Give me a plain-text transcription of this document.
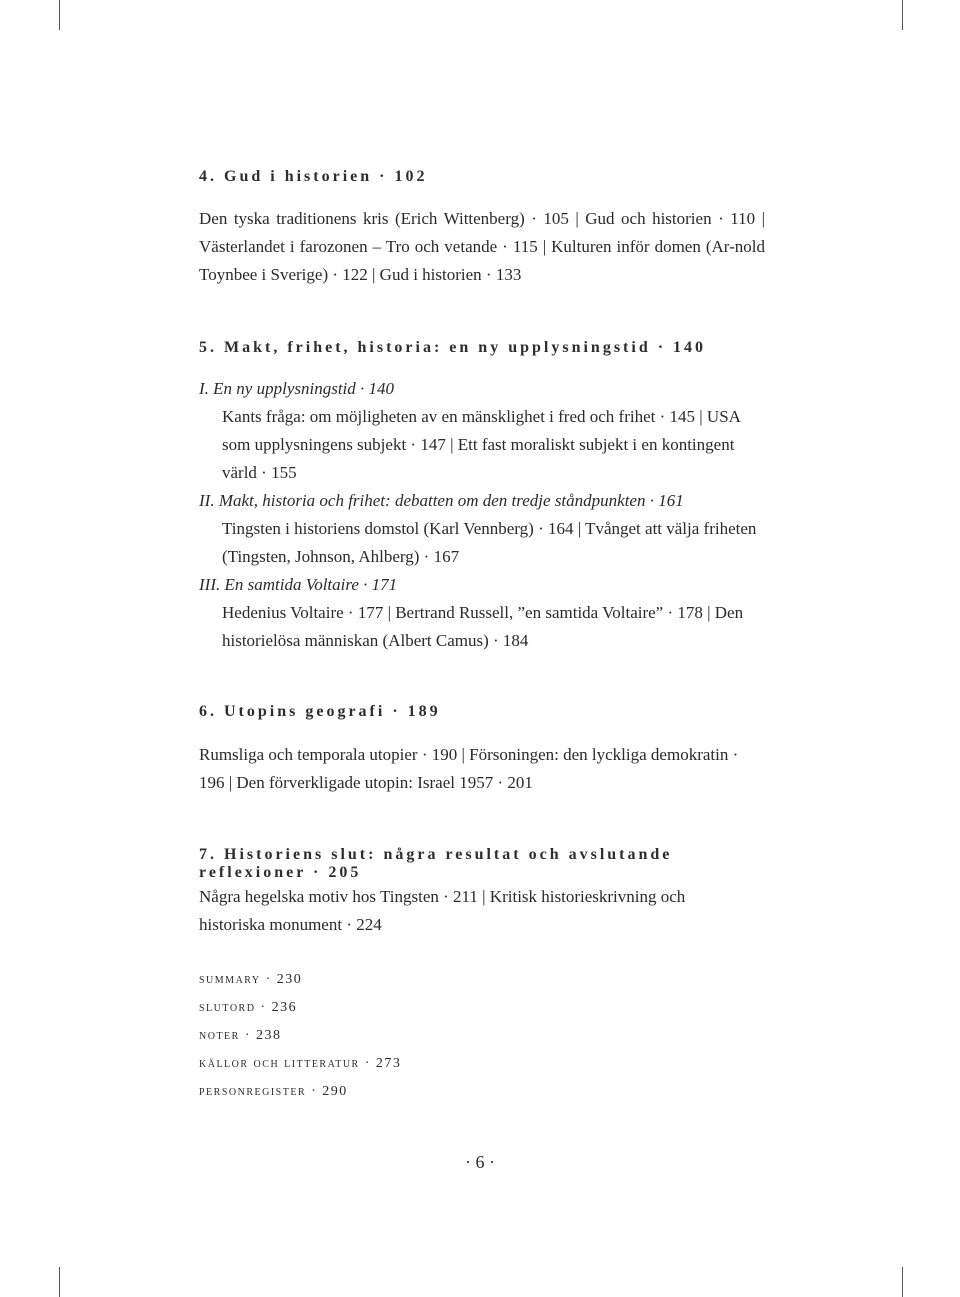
4. Gud i historien · 102

Den tyska traditionens kris (Erich Wittenberg) · 105 | Gud och historien · 110 | Västerlandet i farozonen – Tro och vetande · 115 | Kulturen inför domen (Ar-nold Toynbee i Sverige) · 122 | Gud i historien · 133

5. Makt, frihet, historia: en ny upplysningstid · 140
I. En ny upplysningstid · 140
Kants fråga: om möjligheten av en mänsklighet i fred och frihet · 145 | USA som upplysningens subjekt · 147 | Ett fast moraliskt subjekt i en kontingent värld · 155
II. Makt, historia och frihet: debatten om den tredje ståndpunkten · 161
Tingsten i historiens domstol (Karl Vennberg) · 164 | Tvånget att välja friheten (Tingsten, Johnson, Ahlberg) · 167
III. En samtida Voltaire · 171
Hedenius Voltaire · 177 | Bertrand Russell, ”en samtida Voltaire” · 178 | Den historielösa människan (Albert Camus) · 184
6. Utopins geografi · 189

Rumsliga och temporala utopier · 190 | Försoningen: den lyckliga demokratin · 196 | Den förverkligade utopin: Israel 1957 · 201

7. Historiens slut: några resultat och avslutande reflexioner · 205

Några hegelska motiv hos Tingsten · 211 | Kritisk historieskrivning och historiska monument · 224

summary · 230
slutord · 236
noter · 238
källor och litteratur · 273
personregister · 290
· 6 ·
